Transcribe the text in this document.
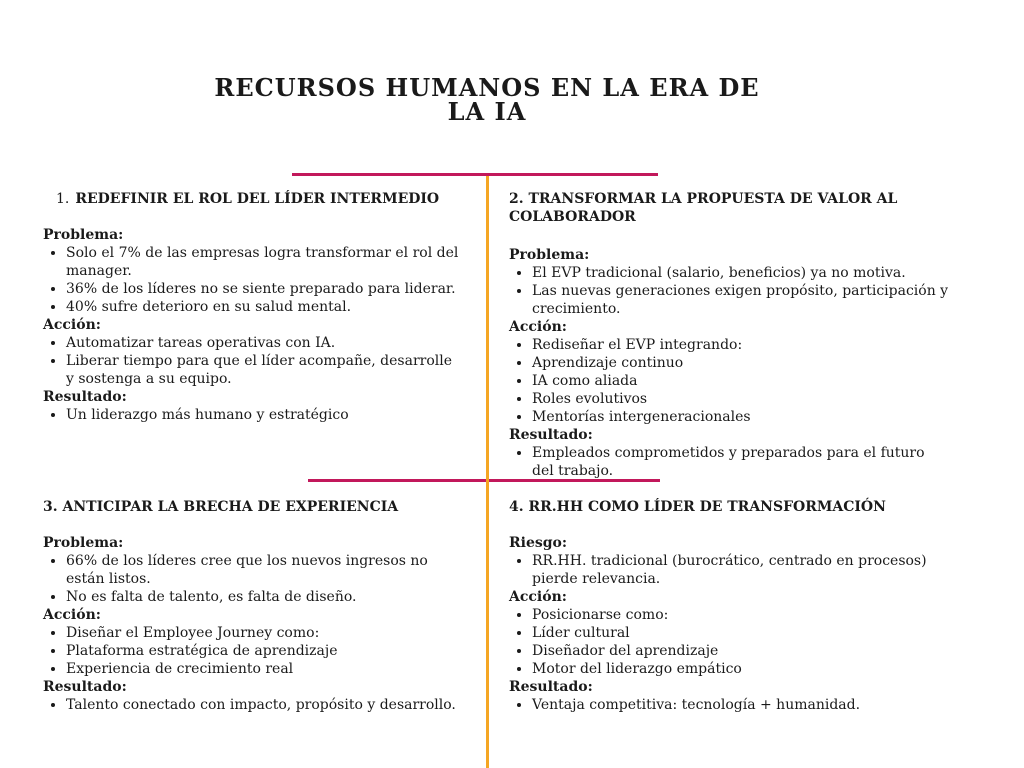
RECURSOS HUMANOS EN LA ERA DE LA IA
1. REDEFINIR EL ROL DEL LÍDER INTERMEDIO

Problema:

• Solo el 7% de las empresas logra transformar el rol del manager.
• 36% de los líderes no se siente preparado para liderar.
• 40% sufre deterioro en su salud mental.

Acción:

• Automatizar tareas operativas con IA.
• Liberar tiempo para que el líder acompañe, desarrolle y sostenga a su equipo.

Resultado:

• Un liderazgo más humano y estratégico
2. TRANSFORMAR LA PROPUESTA DE VALOR AL COLABORADOR

Problema:

• El EVP tradicional (salario, beneficios) ya no motiva.
• Las nuevas generaciones exigen propósito, participación y crecimiento.

Acción:

• Rediseñar el EVP integrando:
• Aprendizaje continuo
• IA como aliada
• Roles evolutivos
• Mentorías intergeneracionales

Resultado:

• Empleados comprometidos y preparados para el futuro del trabajo.
3. ANTICIPAR LA BRECHA DE EXPERIENCIA

Problema:

• 66% de los líderes cree que los nuevos ingresos no están listos.
• No es falta de talento, es falta de diseño.

Acción:

• Diseñar el Employee Journey como:
• Plataforma estratégica de aprendizaje
• Experiencia de crecimiento real

Resultado:

• Talento conectado con impacto, propósito y desarrollo.
4. RR.HH COMO LÍDER DE TRANSFORMACIÓN

Riesgo:

• RR.HH. tradicional (burocrático, centrado en procesos) pierde relevancia.

Acción:

• Posicionarse como:
• Líder cultural
• Diseñador del aprendizaje
• Motor del liderazgo empático

Resultado:

• Ventaja competitiva: tecnología + humanidad.
